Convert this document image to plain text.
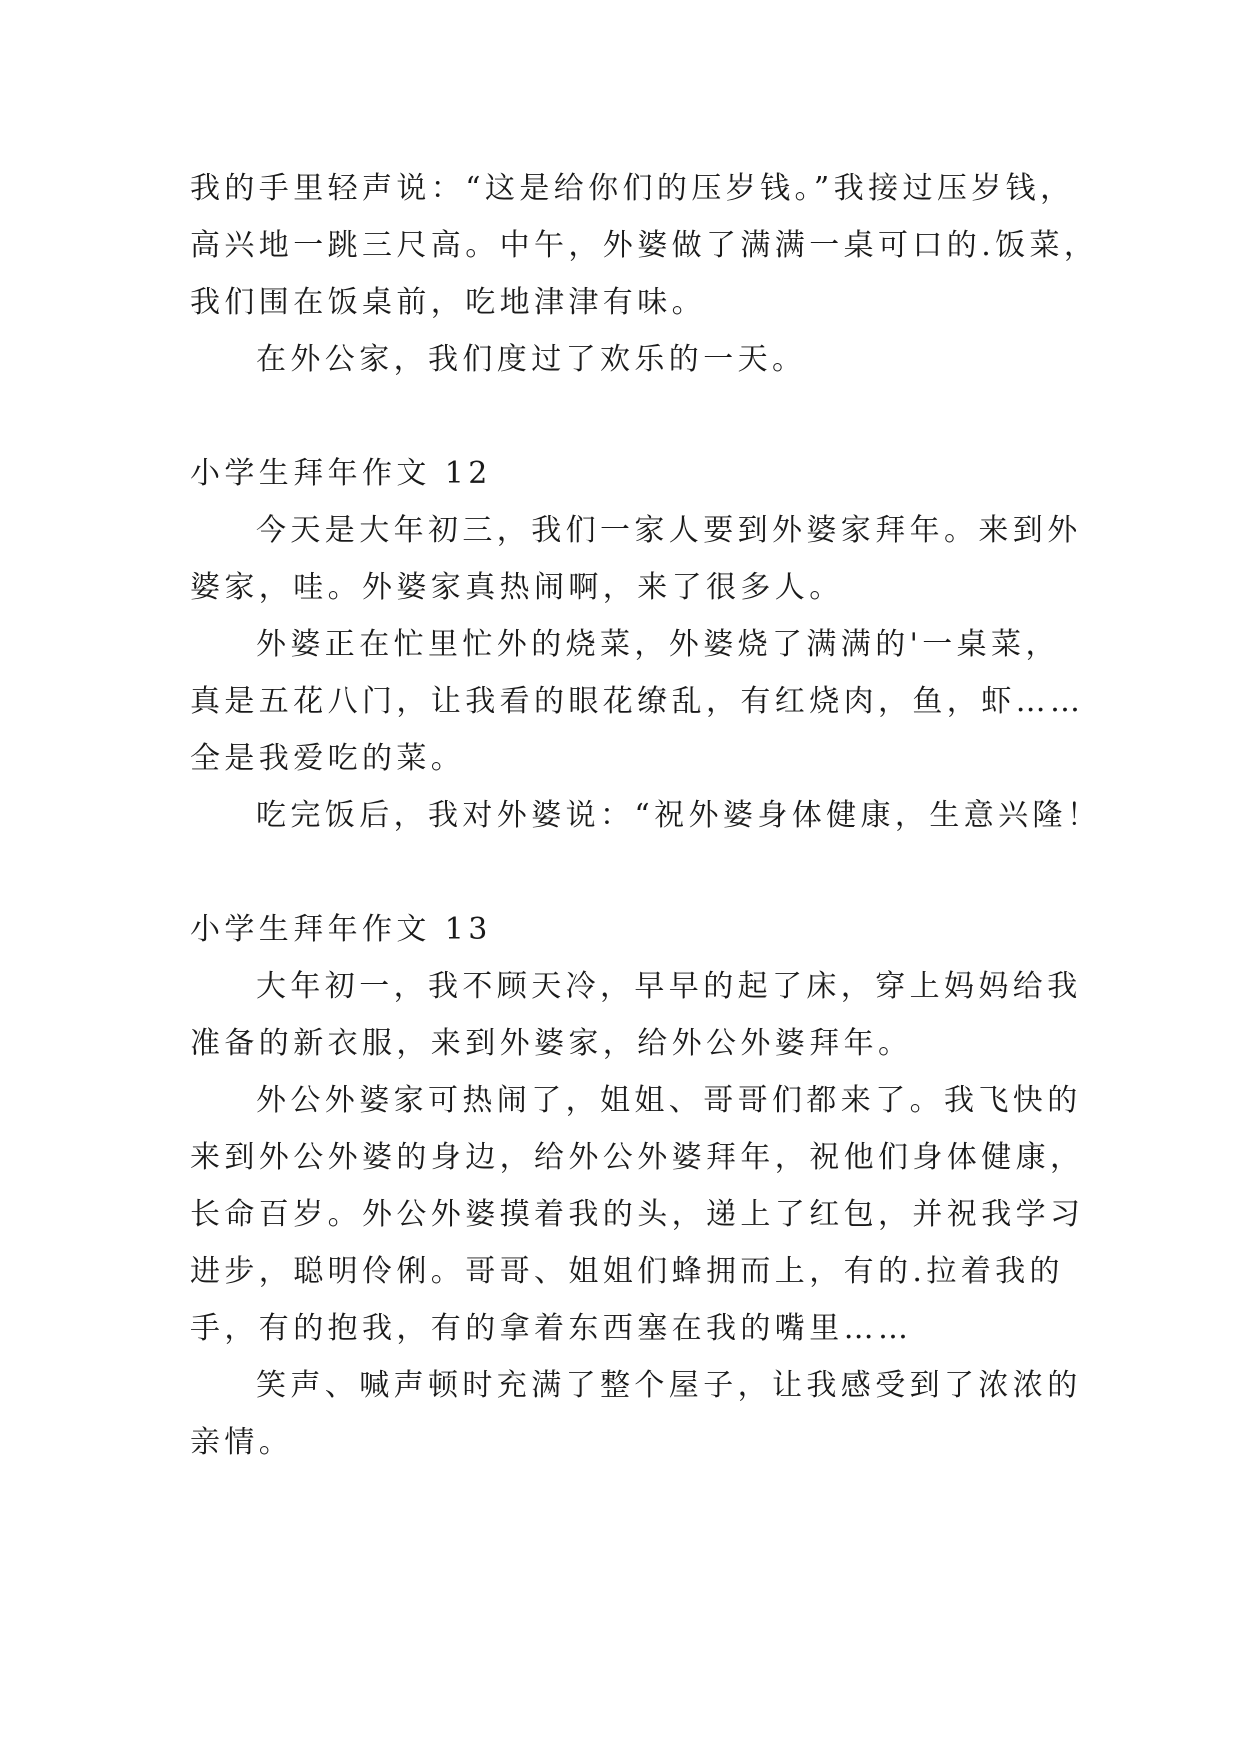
我的手里轻声说：“这是给你们的压岁钱。”我接过压岁钱，
高兴地一跳三尺高。中午，外婆做了满满一桌可口的.饭菜，
我们围在饭桌前，吃地津津有味。
在外公家，我们度过了欢乐的一天。
小学生拜年作文 12
今天是大年初三，我们一家人要到外婆家拜年。来到外
婆家，哇。外婆家真热闹啊，来了很多人。
外婆正在忙里忙外的烧菜，外婆烧了满满的'一桌菜，
真是五花八门，让我看的眼花缭乱，有红烧肉，鱼，虾……
全是我爱吃的菜。
吃完饭后，我对外婆说：“祝外婆身体健康，生意兴隆！
小学生拜年作文 13
大年初一，我不顾天冷，早早的起了床，穿上妈妈给我
准备的新衣服，来到外婆家，给外公外婆拜年。
外公外婆家可热闹了，姐姐、哥哥们都来了。我飞快的
来到外公外婆的身边，给外公外婆拜年，祝他们身体健康，
长命百岁。外公外婆摸着我的头，递上了红包，并祝我学习
进步，聪明伶俐。哥哥、姐姐们蜂拥而上，有的.拉着我的
手，有的抱我，有的拿着东西塞在我的嘴里……
笑声、喊声顿时充满了整个屋子，让我感受到了浓浓的
亲情。
